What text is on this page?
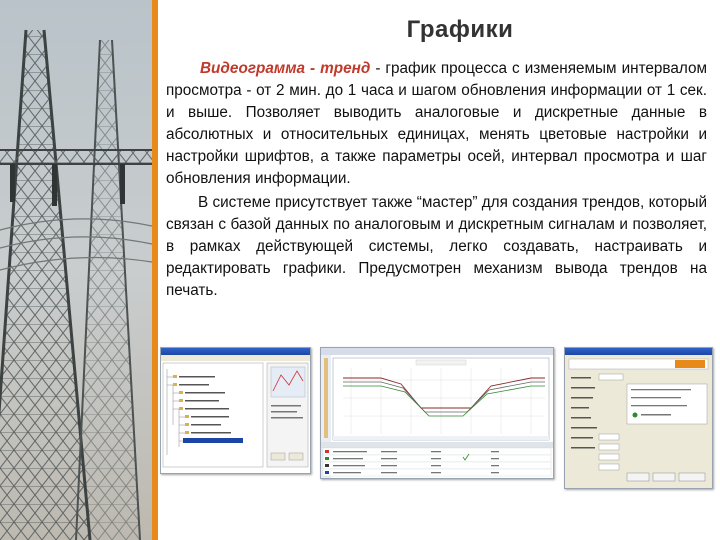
Графики

Видеограмма - тренд - график процесса с изменяемым интервалом просмотра - от 2 мин. до 1 часа и шагом обновления информации от 1 сек. и выше. Позволяет выводить аналоговые и дискретные данные в абсолютных и относительных единицах, менять цветовые настройки и настройки шрифтов, а также параметры осей, интервал просмотра и шаг обновления информации.

В системе присутствует также “мастер” для создания трендов, который связан с базой данных по аналоговым и дискретным сигналам и позволяет, в рамках действующей системы, легко создавать, настраивать и редактировать графики. Предусмотрен механизм вывода трендов на печать.
